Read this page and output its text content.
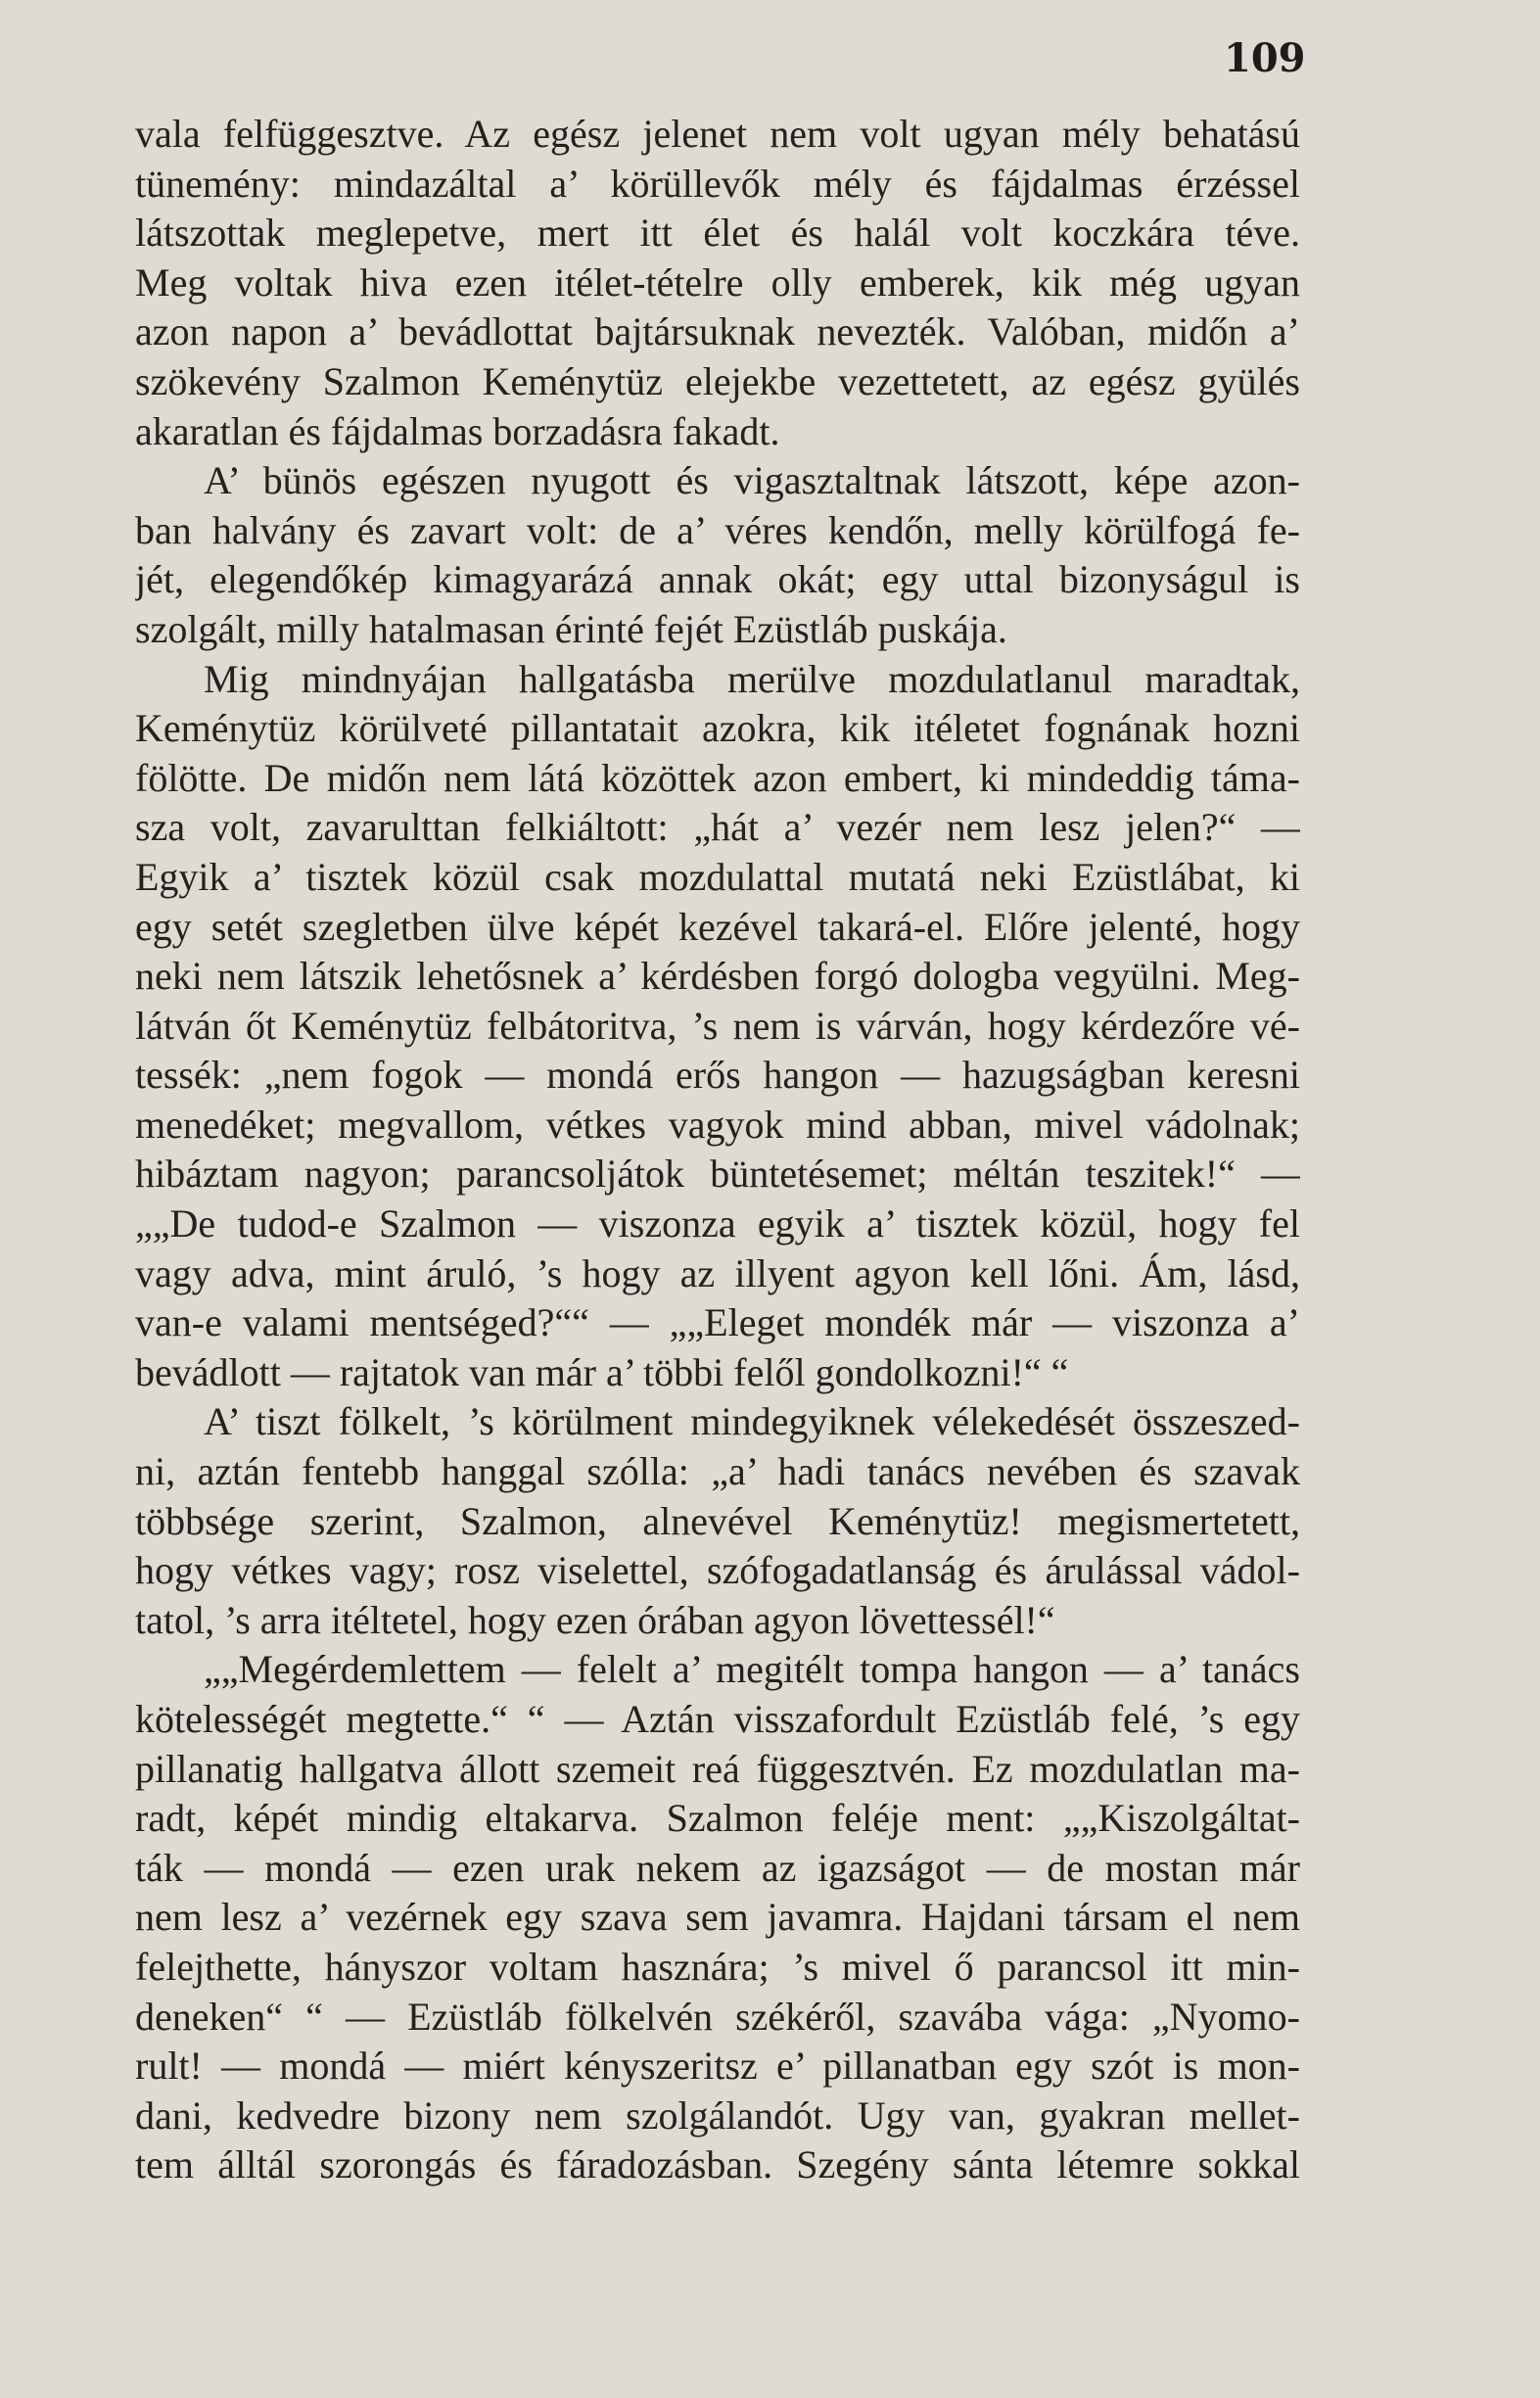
109
vala felfüggesztve. Az egész jelenet nem volt ugyan mély behatású
tünemény: mindazáltal a’ körüllevők mély és fájdalmas érzéssel
látszottak meglepetve, mert itt élet és halál volt koczkára téve.
Meg voltak hiva ezen itélet-tételre olly emberek, kik még ugyan
azon napon a’ bevádlottat bajtársuknak nevezték. Valóban, midőn a’
szökevény Szalmon Keménytüz elejekbe vezettetett, az egész gyülés
akaratlan és fájdalmas borzadásra fakadt.
A’ bünös egészen nyugott és vigasztaltnak látszott, képe azon-
ban halvány és zavart volt: de a’ véres kendőn, melly körülfogá fe-
jét, elegendőkép kimagyarázá annak okát; egy uttal bizonyságul is
szolgált, milly hatalmasan érinté fejét Ezüstláb puskája.
Mig mindnyájan hallgatásba merülve mozdulatlanul maradtak,
Keménytüz körülveté pillantatait azokra, kik itéletet fognának hozni
fölötte. De midőn nem látá közöttek azon embert, ki mindeddig táma-
sza volt, zavarulttan felkiáltott: „hát a’ vezér nem lesz jelen?“ —
Egyik a’ tisztek közül csak mozdulattal mutatá neki Ezüstlábat, ki
egy setét szegletben ülve képét kezével takará-el. Előre jelenté, hogy
neki nem látszik lehetősnek a’ kérdésben forgó dologba vegyülni. Meg-
látván őt Keménytüz felbátoritva, ’s nem is várván, hogy kérdezőre vé-
tessék: „nem fogok — mondá erős hangon — hazugságban keresni
menedéket; megvallom, vétkes vagyok mind abban, mivel vádolnak;
hibáztam nagyon; parancsoljátok büntetésemet; méltán teszitek!“ —
„„De tudod-e Szalmon — viszonza egyik a’ tisztek közül, hogy fel
vagy adva, mint áruló, ’s hogy az illyent agyon kell lőni. Ám, lásd,
van-e valami mentséged?““ — „„Eleget mondék már — viszonza a’
bevádlott — rajtatok van már a’ többi felől gondolkozni!“ “
A’ tiszt fölkelt, ’s körülment mindegyiknek vélekedését összeszed-
ni, aztán fentebb hanggal szólla: „a’ hadi tanács nevében és szavak
többsége szerint, Szalmon, alnevével Keménytüz! megismertetett,
hogy vétkes vagy; rosz viselettel, szófogadatlanság és árulással vádol-
tatol, ’s arra itéltetel, hogy ezen órában agyon lövettessél!“
„„Megérdemlettem — felelt a’ megitélt tompa hangon — a’ tanács
kötelességét megtette.“ “ — Aztán visszafordult Ezüstláb felé, ’s egy
pillanatig hallgatva állott szemeit reá függesztvén. Ez mozdulatlan ma-
radt, képét mindig eltakarva. Szalmon feléje ment: „„Kiszolgáltat-
ták — mondá — ezen urak nekem az igazságot — de mostan már
nem lesz a’ vezérnek egy szava sem javamra. Hajdani társam el nem
felejthette, hányszor voltam hasznára; ’s mivel ő parancsol itt min-
deneken“ “ — Ezüstláb fölkelvén székéről, szavába vága: „Nyomo-
rult! — mondá — miért kényszeritsz e’ pillanatban egy szót is mon-
dani, kedvedre bizony nem szolgálandót. Ugy van, gyakran mellet-
tem álltál szorongás és fáradozásban. Szegény sánta létemre sokkal
